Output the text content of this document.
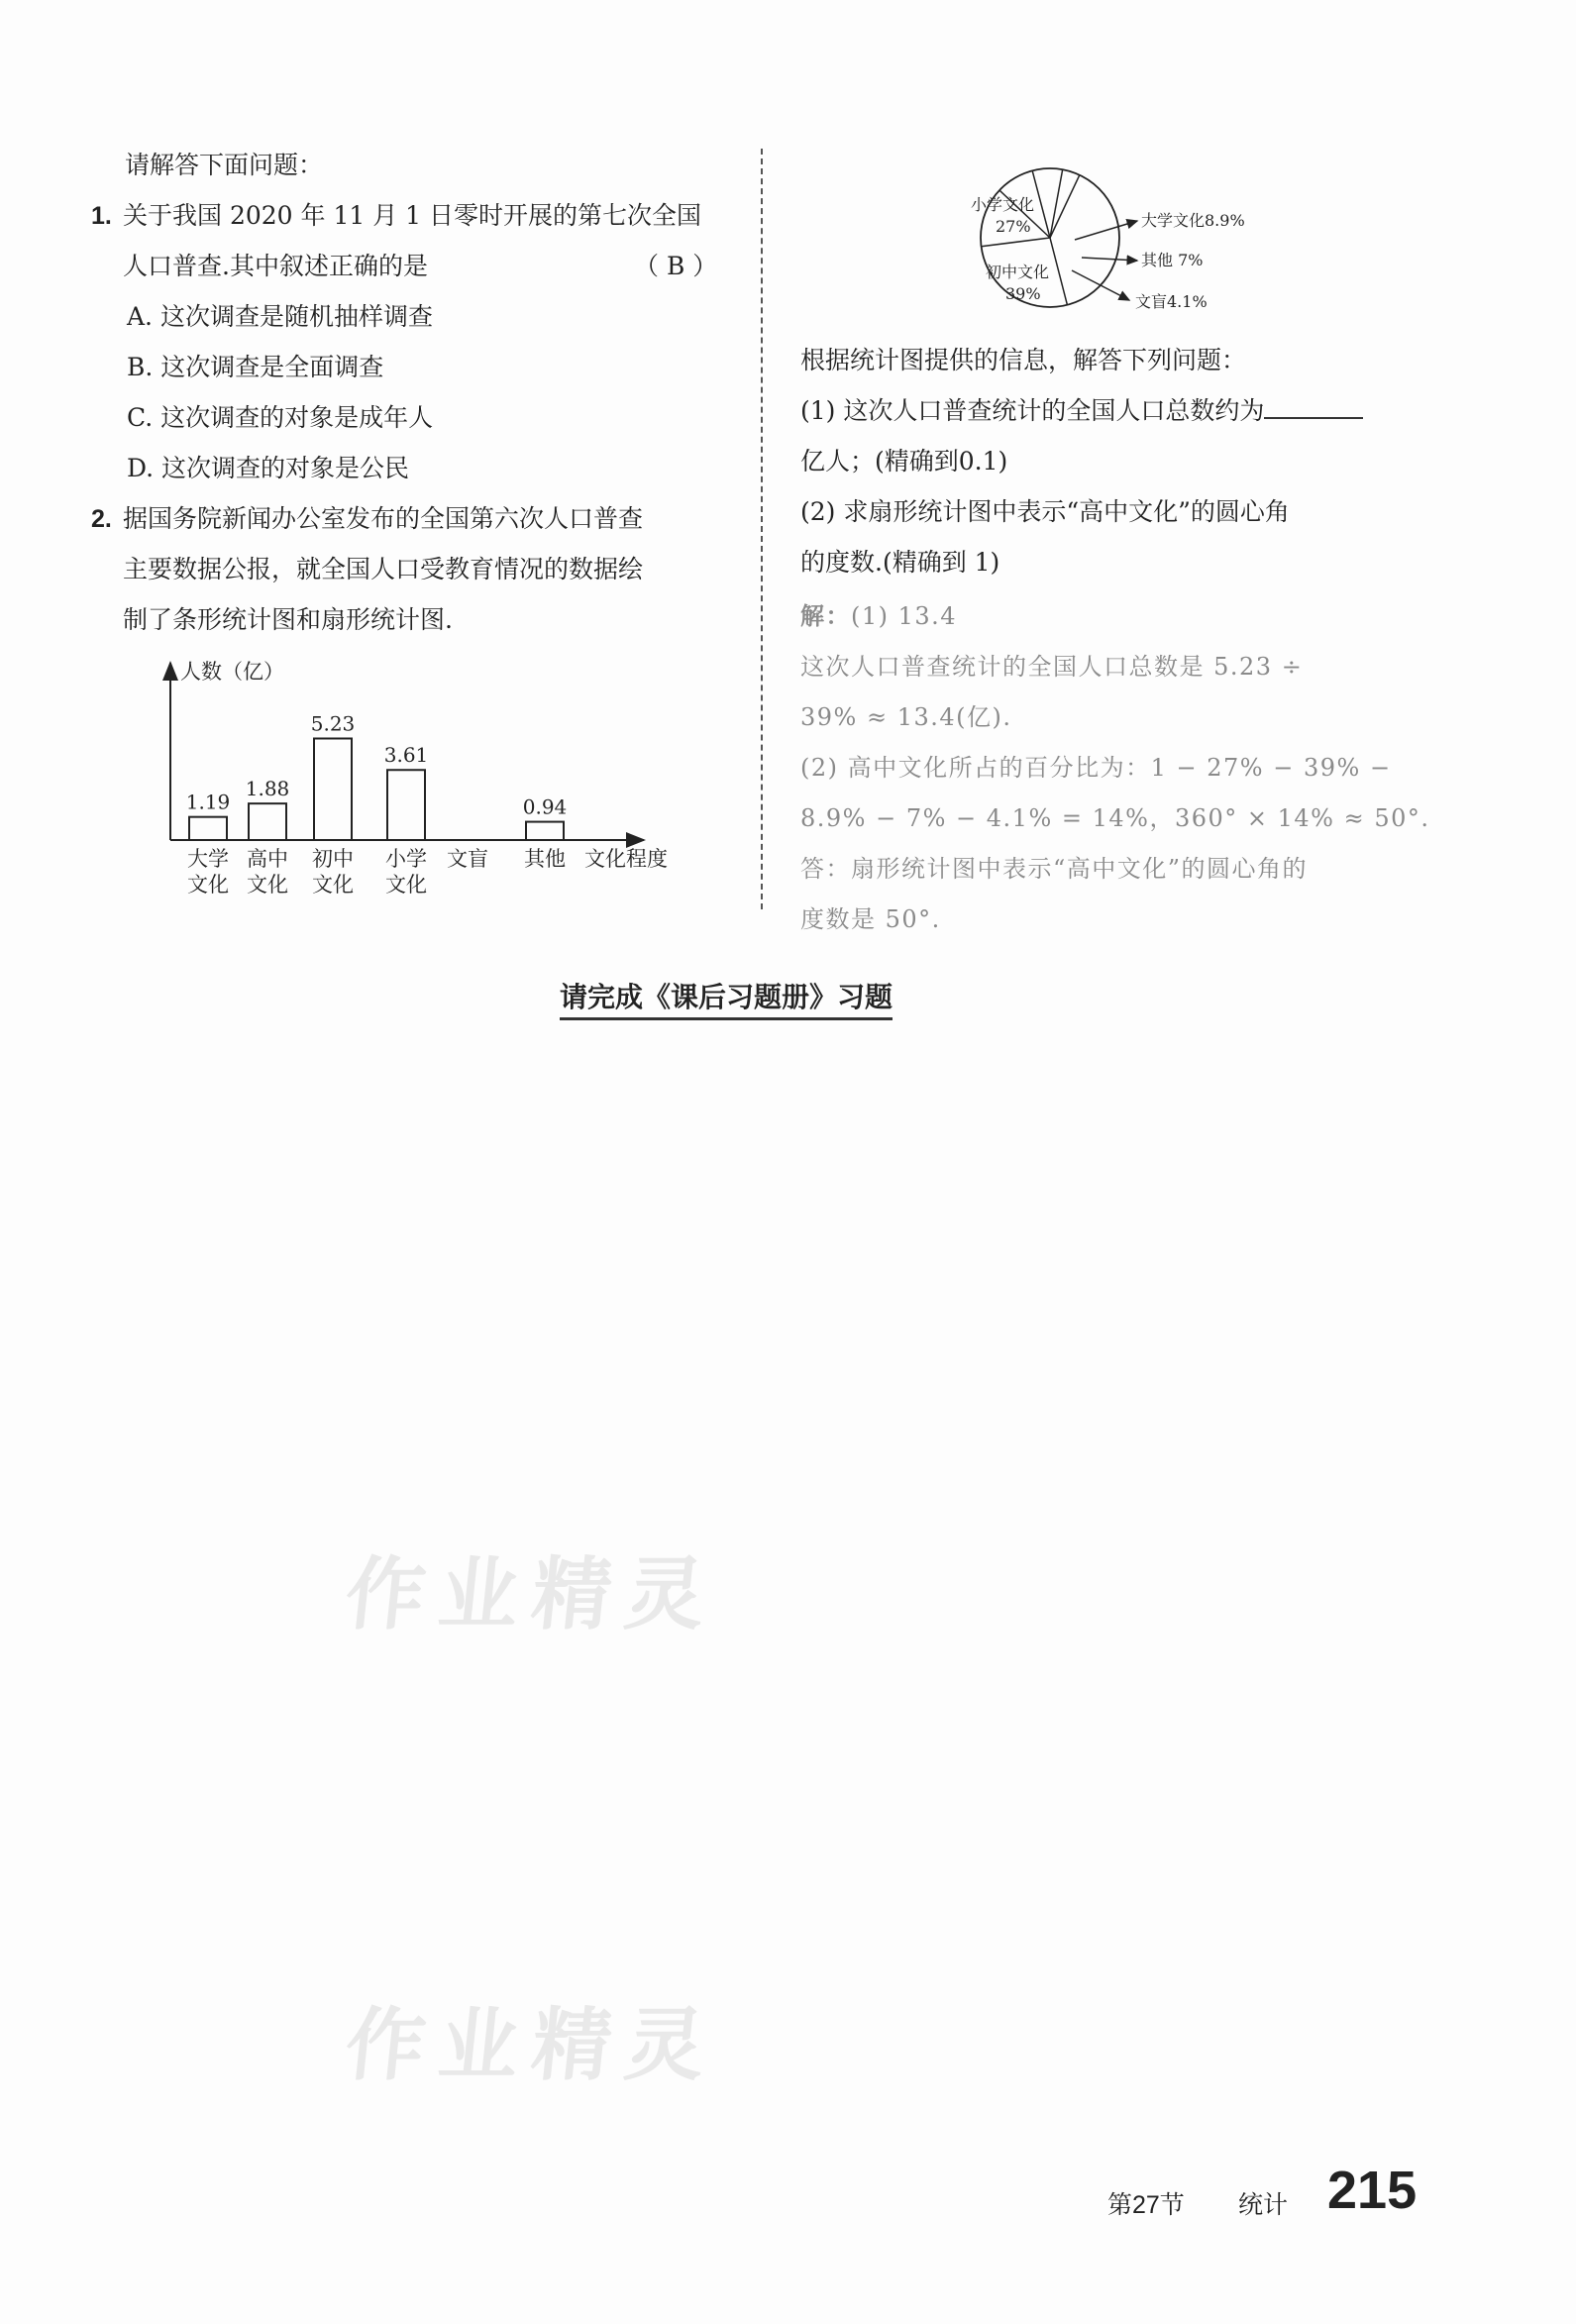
作业精灵
作业精灵
请解答下面问题：
1. 关于我国 2020 年 11 月 1 日零时开展的第七次全国
人口普查.其中叙述正确的是	（ B ）
A. 这次调查是随机抽样调查
B. 这次调查是全面调查
C. 这次调查的对象是成年人
D. 这次调查的对象是公民
2. 据国务院新闻办公室发布的全国第六次人口普查
主要数据公报，就全国人口受教育情况的数据绘
制了条形统计图和扇形统计图.
人数（亿）
文化程度
1.19
大学
文化
1.88
高中
文化
5.23
初中
文化
3.61
小学
文化
文盲
0.94
其他
小学文化
27%
初中文化
39%
大学文化8.9%
其他 7%
文盲4.1%
根据统计图提供的信息，解答下列问题：
(1) 这次人口普查统计的全国人口总数约为
亿人；(精确到0.1)
(2) 求扇形统计图中表示“高中文化”的圆心角
的度数.(精确到 1)
解：(1) 13.4
这次人口普查统计的全国人口总数是 5.23 ÷
39% ≈ 13.4(亿).
(2) 高中文化所占的百分比为：1 − 27% − 39% −
8.9% − 7% − 4.1% = 14%，360° × 14% ≈ 50°.
答：扇形统计图中表示“高中文化”的圆心角的
度数是 50°.
请完成《课后习题册》习题
第27节 统计 215
